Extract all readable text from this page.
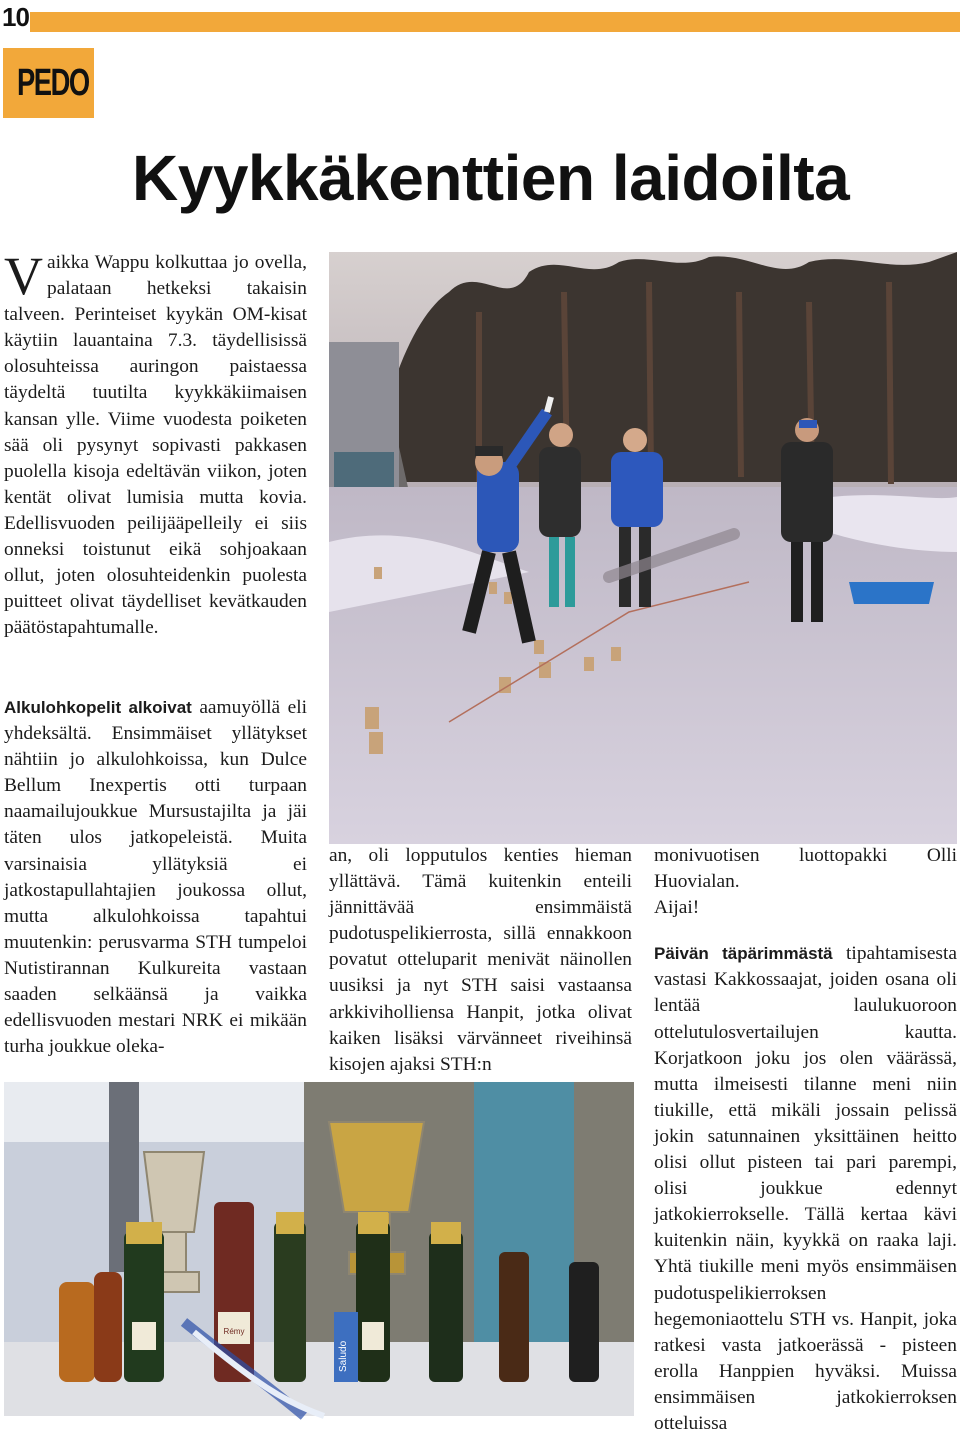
10
PEDO
Kyykkäkenttien laidoilta

Vaikka Wappu kolkuttaa jo ovella, palataan hetkeksi takaisin talveen. Perinteiset kyykän OM-kisat käytiin lauantaina 7.3. täydellisissä olosuhteissa auringon paistaessa täydeltä tuutilta kyykkäkiimaisen kansan ylle. Viime vuodesta poiketen sää oli pysynyt sopivasti pakkasen puolella kisoja edeltävän viikon, joten kentät olivat lumisia mutta kovia. Edellisvuoden peilijääpelleily ei siis onneksi toistunut eikä sohjoakaan ollut, joten olosuhteidenkin puolesta puitteet olivat täydelliset kevätkauden päätöstapahtumalle.

Alkulohkopelit alkoivat aamuyöllä eli yhdeksältä. Ensimmäiset yllätykset nähtiin jo alkulohkoissa, kun Dulce Bellum Inexpertis otti turpaan naamailujoukkue Mursustajilta ja jäi täten ulos jatkopeleistä. Muita varsinaisia yllätyksiä ei jatkostapullahtajien joukossa ollut, mutta alkulohkoissa tapahtui muutenkin: perusvarma STH tumpeloi Nutistirannan Kulkureita vastaan saaden selkäänsä ja vaikka edellisvuoden mestari NRK ei mikään turha joukkue oleka-

an, oli lopputulos kenties hieman yllättävä. Tämä kuitenkin enteili jännittävää ensimmäistä pudotuspelikierrosta, sillä ennakkoon povatut otteluparit menivät näinollen uusiksi ja nyt STH saisi vastaansa arkkiviholliensa Hanpit, jotka olivat kaiken lisäksi värvänneet riveihinsä kisojen ajaksi STH:n

monivuotisen luottopakki Olli Huovialan.

Aijai!

Päivän täpärimmästä tipahtamisesta vastasi Kakkossaajat, joiden osana oli lentää laulukuoroon ottelutulosvertailujen kautta. Korjatkoon joku jos olen väärässä, mutta ilmeisesti tilanne meni niin tiukille, että mikäli jossain pelissä jokin satunnainen yksittäinen heitto olisi ollut pisteen tai pari parempi, olisi joukkue edennyt jatkokierrokselle. Tällä kertaa kävi kuitenkin näin, kyykkä on raaka laji. Yhtä tiukille meni myös ensimmäisen pudotuspelikierroksen hegemoniaottelu STH vs. Hanpit, joka ratkesi vasta jatkoerässä - pisteen erolla Hanppien hyväksi. Muissa ensimmäisen jatkokierroksen otteluissa

Rémy
Saludo
